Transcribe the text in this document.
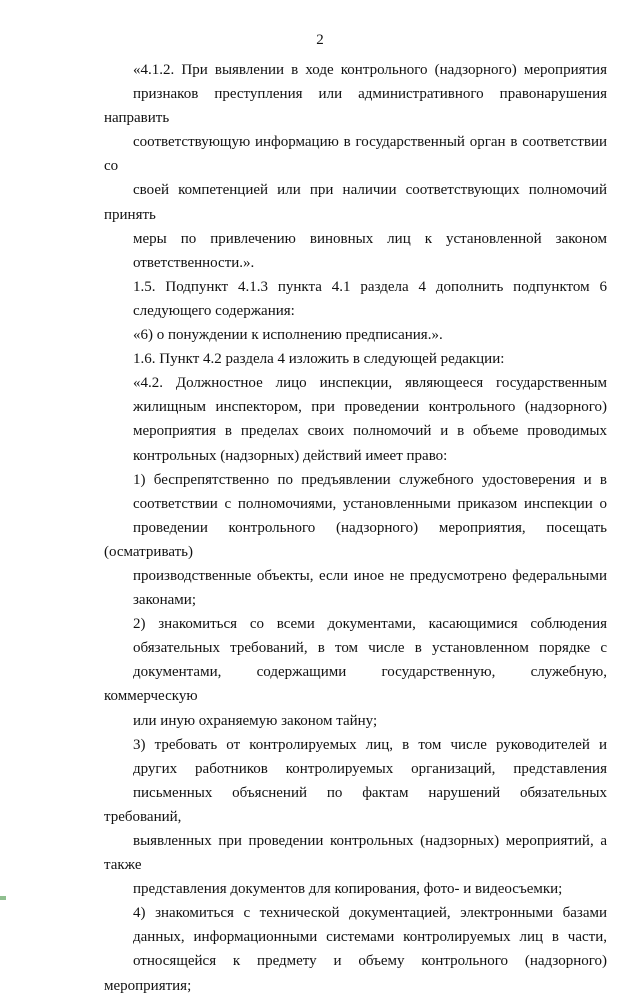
2

«4.1.2. При выявлении в ходе контрольного (надзорного) мероприятия
признаков преступления или административного правонарушения направить
соответствующую информацию в государственный орган в соответствии со
своей компетенцией или при наличии соответствующих полномочий принять
меры по привлечению виновных лиц к установленной законом
ответственности.».

1.5. Подпункт 4.1.3 пункта 4.1 раздела 4 дополнить подпунктом 6
следующего содержания:

«6) о понуждении к исполнению предписания.».

1.6. Пункт 4.2 раздела 4 изложить в следующей редакции:

«4.2. Должностное лицо инспекции, являющееся государственным
жилищным инспектором, при проведении контрольного (надзорного)
мероприятия в пределах своих полномочий и в объеме проводимых
контрольных (надзорных) действий имеет право:

1) беспрепятственно по предъявлении служебного удостоверения и в
соответствии с полномочиями, установленными приказом инспекции о
проведении контрольного (надзорного) мероприятия, посещать (осматривать)
производственные объекты, если иное не предусмотрено федеральными
законами;

2) знакомиться со всеми документами, касающимися соблюдения
обязательных требований, в том числе в установленном порядке с
документами, содержащими государственную, служебную, коммерческую
или иную охраняемую законом тайну;

3) требовать от контролируемых лиц, в том числе руководителей и
других работников контролируемых организаций, представления
письменных объяснений по фактам нарушений обязательных требований,
выявленных при проведении контрольных (надзорных) мероприятий, а также
представления документов для копирования, фото- и видеосъемки;

4) знакомиться с технической документацией, электронными базами
данных, информационными системами контролируемых лиц в части,
относящейся к предмету и объему контрольного (надзорного) мероприятия;
